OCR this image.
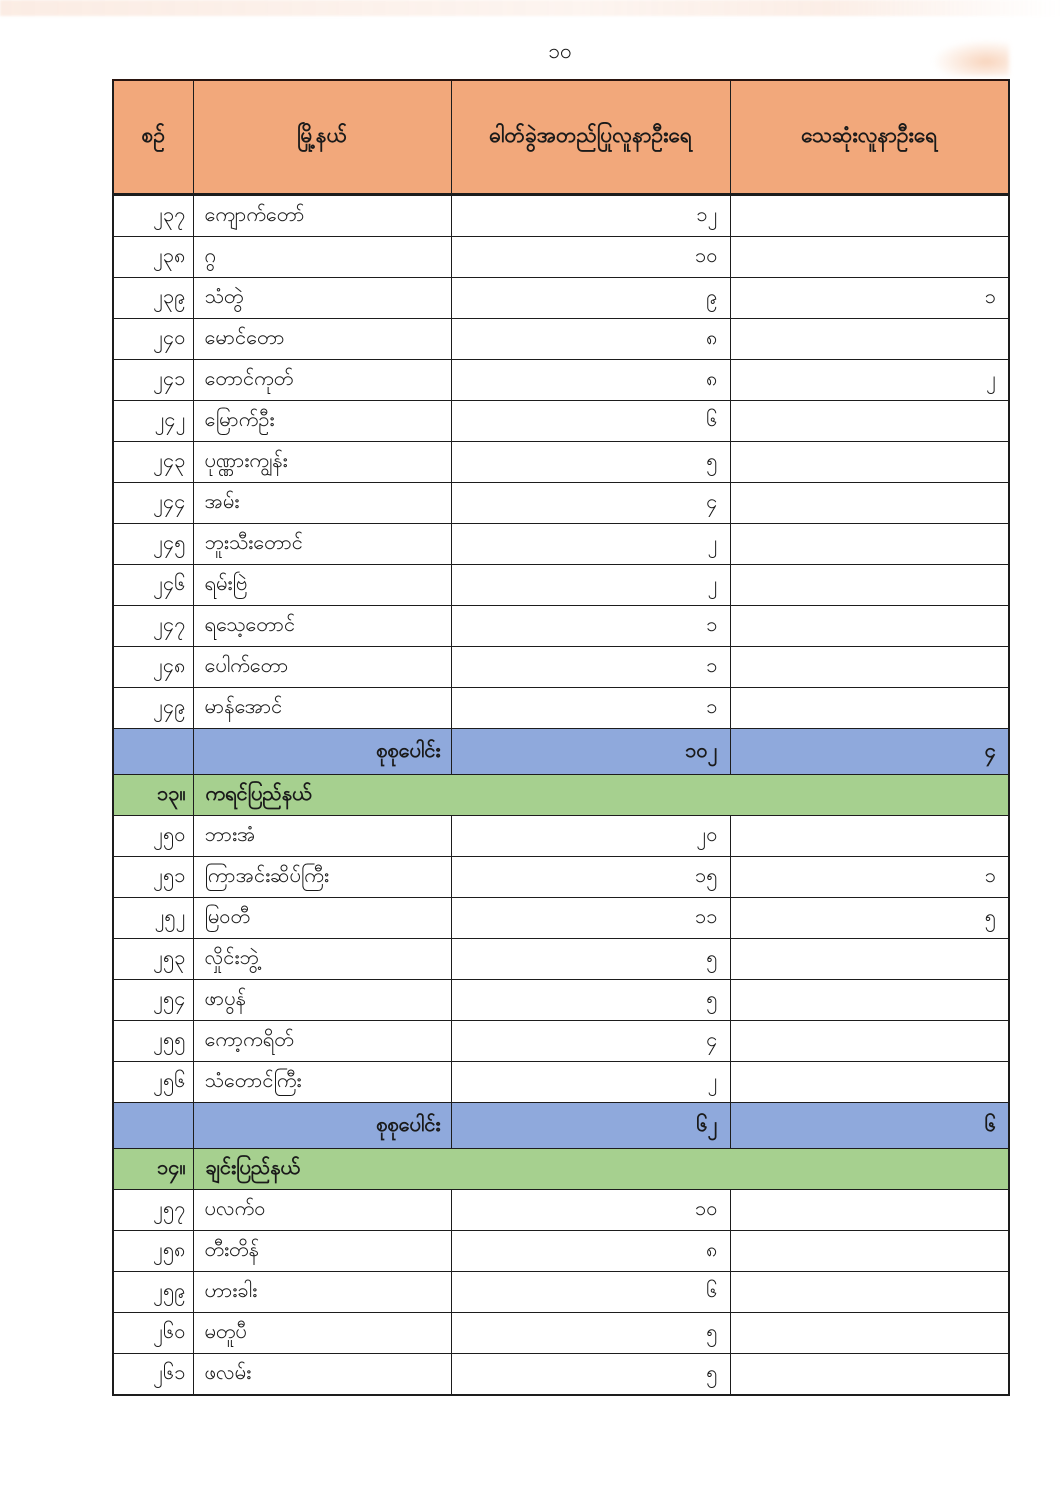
၁၀
စဉ်	မြို့နယ်	ဓါတ်ခွဲအတည်ပြုလူနာဦးရေ	သေဆုံးလူနာဦးရေ
၂၃၇	ကျောက်တော်	၁၂	
၂၃၈	ဂွ	၁၀	
၂၃၉	သံတွဲ	၉	၁
၂၄၀	မောင်တော	၈	
၂၄၁	တောင်ကုတ်	၈	၂
၂၄၂	မြောက်ဦး	၆	
၂၄၃	ပုဏ္ဏားကျွန်း	၅	
၂၄၄	အမ်း	၄	
၂၄၅	ဘူးသီးတောင်	၂	
၂၄၆	ရမ်းဗြဲ	၂	
၂၄၇	ရသေ့တောင်	၁	
၂၄၈	ပေါက်တော	၁	
၂၄၉	မာန်အောင်	၁	
	စုစုပေါင်း	၁၀၂	၄
၁၃။	ကရင်ပြည်နယ်		
၂၅၀	ဘားအံ	၂၀	
၂၅၁	ကြာအင်းဆိပ်ကြီး	၁၅	၁
၂၅၂	မြဝတီ	၁၁	၅
၂၅၃	လှိုင်းဘွဲ့	၅	
၂၅၄	ဖာပွန်	၅	
၂၅၅	ကော့ကရိတ်	၄	
၂၅၆	သံတောင်ကြီး	၂	
	စုစုပေါင်း	၆၂	၆
၁၄။	ချင်းပြည်နယ်		
၂၅၇	ပလက်ဝ	၁၀	
၂၅၈	တီးတိန်	၈	
၂၅၉	ဟားခါး	၆	
၂၆၀	မတူပီ	၅	
၂၆၁	ဖလမ်း	၅	
